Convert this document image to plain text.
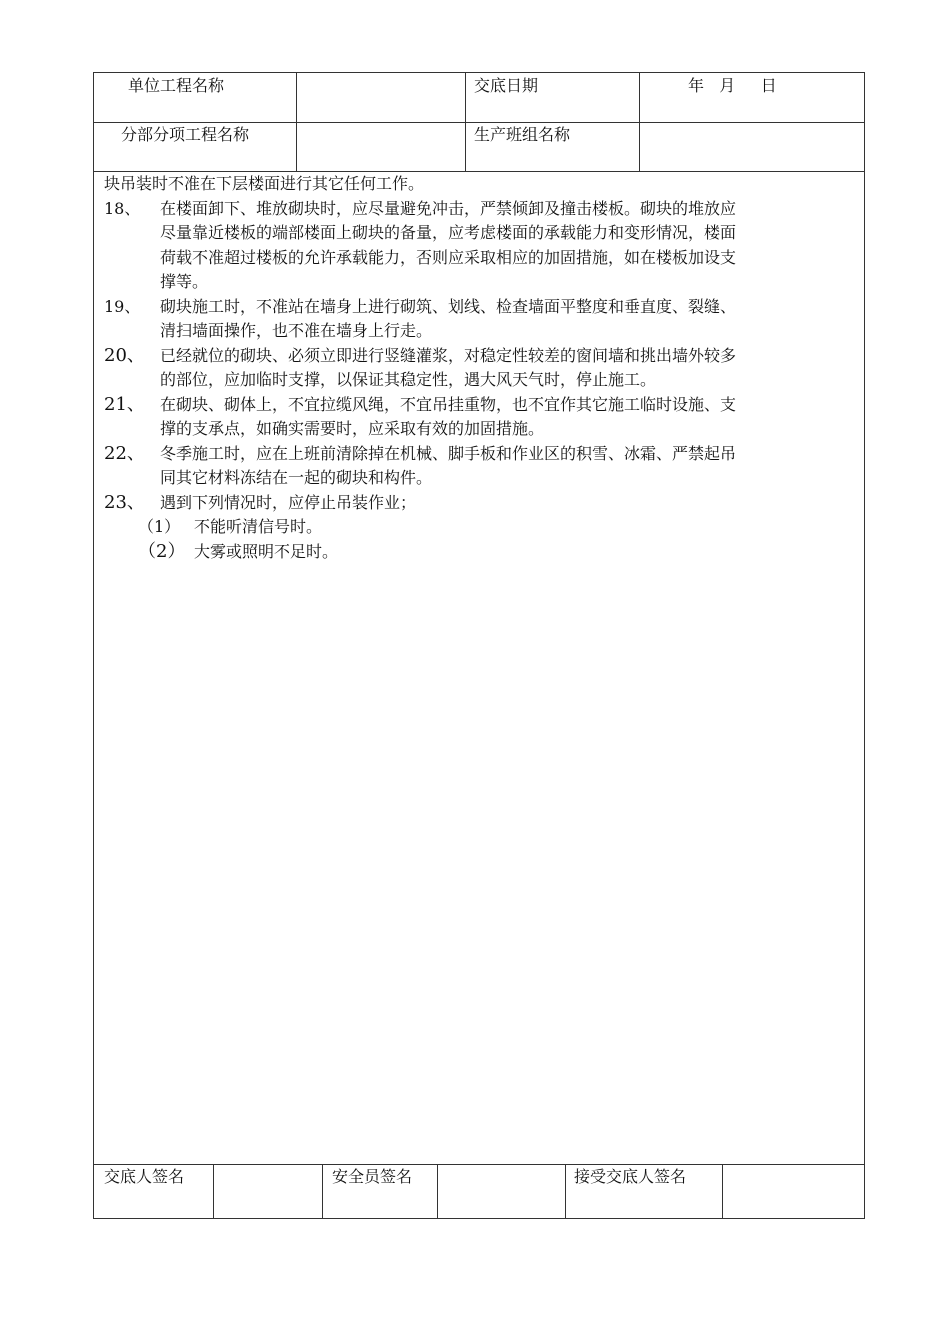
单位工程名称	交底日期	年   月     日
分部分项工程名称	生产班组名称
块吊装时不准在下层楼面进行其它任何工作。
18、 在楼面卸下、堆放砌块时，应尽量避免冲击，严禁倾卸及撞击楼板。砌块的堆放应
尽量靠近楼板的端部楼面上砌块的备量，应考虑楼面的承载能力和变形情况，楼面
荷载不准超过楼板的允许承载能力，否则应采取相应的加固措施，如在楼板加设支
撑等。
19、 砌块施工时，不准站在墙身上进行砌筑、划线、检查墙面平整度和垂直度、裂缝、
清扫墙面操作，也不准在墙身上行走。
20、 已经就位的砌块、必须立即进行竖缝灌浆，对稳定性较差的窗间墙和挑出墙外较多
的部位，应加临时支撑，以保证其稳定性，遇大风天气时，停止施工。
21、 在砌块、砌体上，不宜拉缆风绳，不宜吊挂重物，也不宜作其它施工临时设施、支
撑的支承点，如确实需要时，应采取有效的加固措施。
22、 冬季施工时，应在上班前清除掉在机械、脚手板和作业区的积雪、冰霜、严禁起吊
同其它材料冻结在一起的砌块和构件。
23、 遇到下列情况时，应停止吊装作业；
（1） 不能听清信号时。
（2） 大雾或照明不足时。
交底人签名	安全员签名	接受交底人签名
